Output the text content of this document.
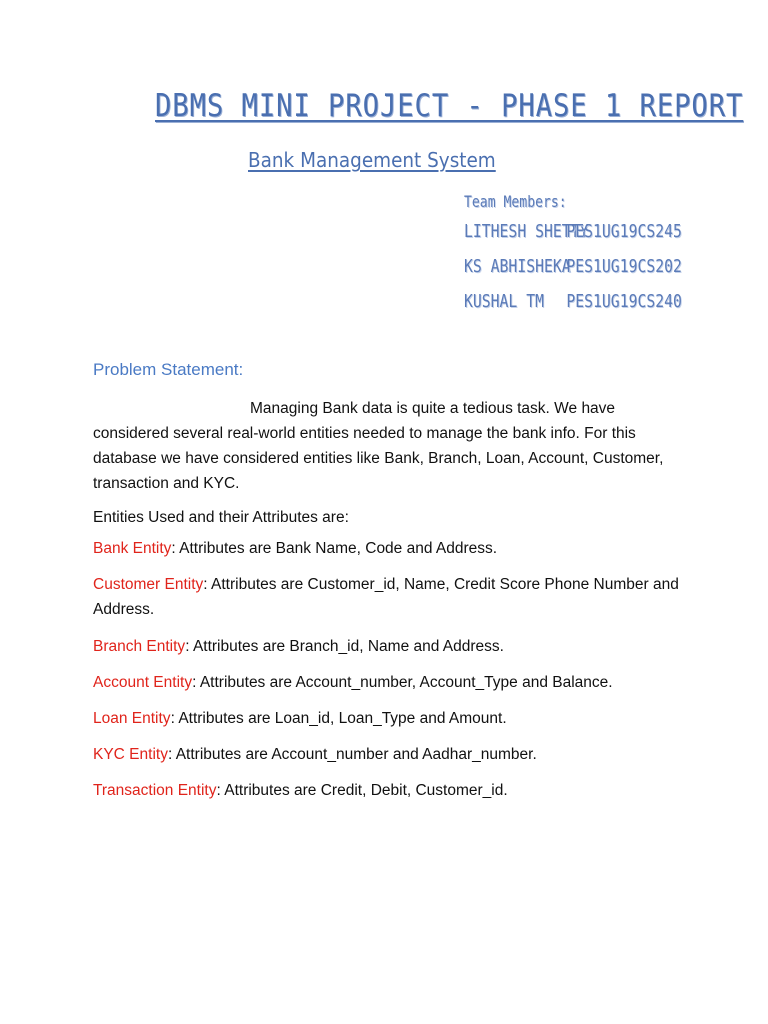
DBMS MINI PROJECT - PHASE 1 REPORT
Bank Management System
Team Members:
LITHESH SHETTY PES1UG19CS245
KS ABHISHEKA PES1UG19CS202
KUSHAL TM PES1UG19CS240
Problem Statement:
Managing Bank data is quite a tedious task. We have considered several real-world entities needed to manage the bank info. For this database we have considered entities like Bank, Branch, Loan, Account, Customer, transaction and KYC.
Entities Used and their Attributes are:
Bank Entity: Attributes are Bank Name, Code and Address.
Customer Entity: Attributes are Customer_id, Name, Credit Score Phone Number and Address.
Branch Entity: Attributes are Branch_id, Name and Address.
Account Entity: Attributes are Account_number, Account_Type and Balance.
Loan Entity: Attributes are Loan_id, Loan_Type and Amount.
KYC Entity: Attributes are Account_number and Aadhar_number.
Transaction Entity: Attributes are Credit, Debit, Customer_id.
